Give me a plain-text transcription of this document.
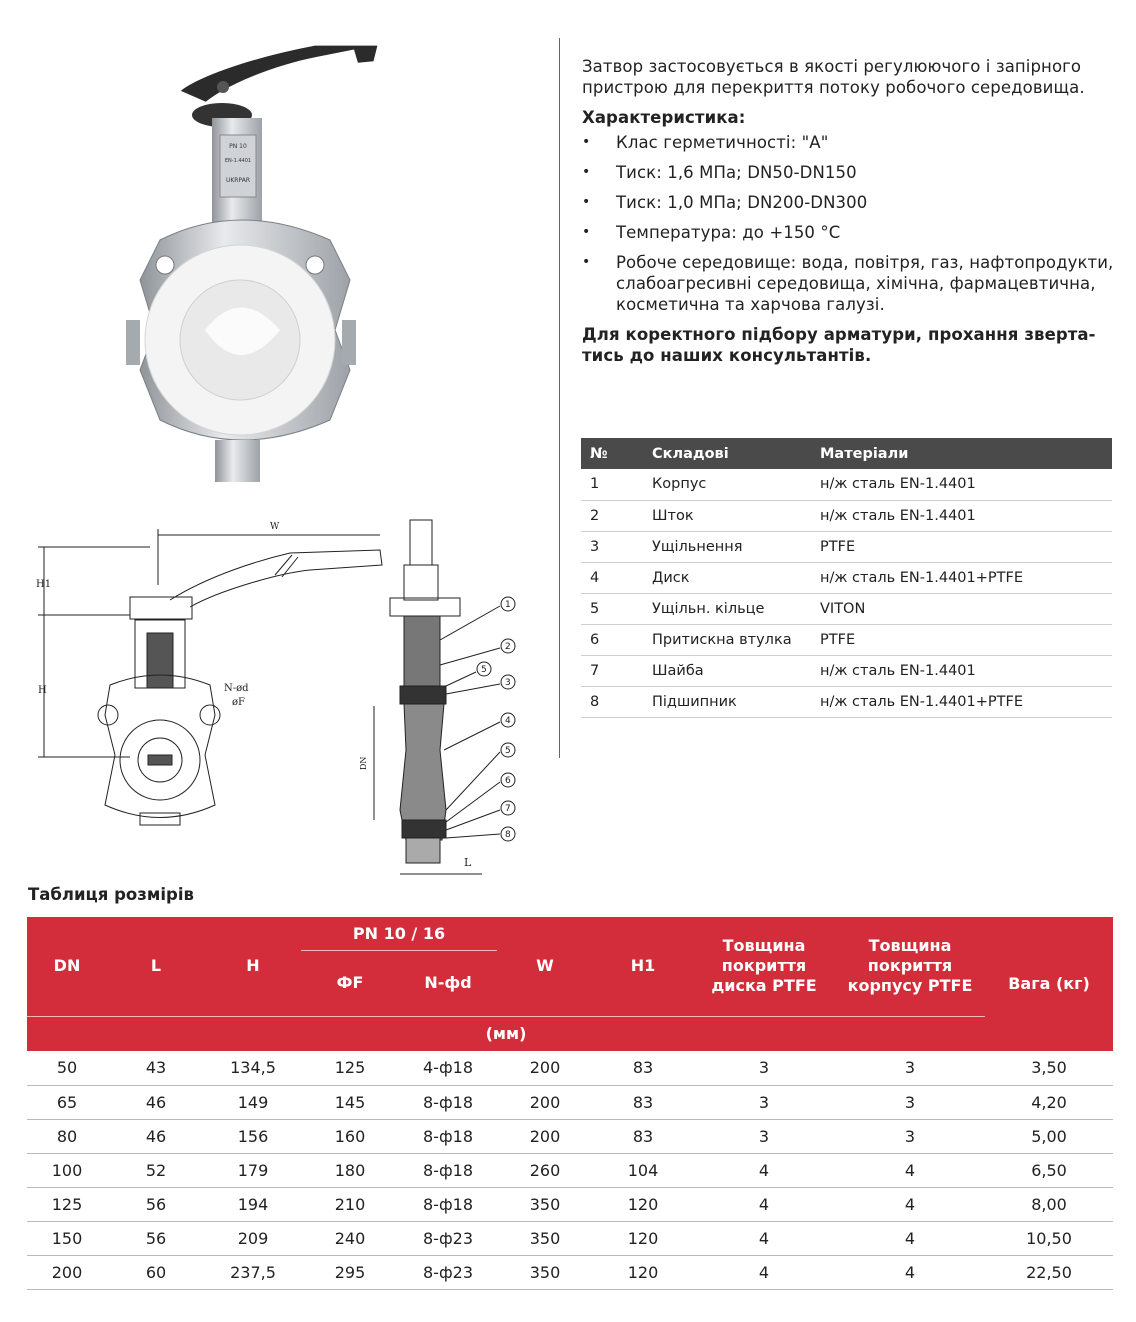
PN 10
EN-1.4401
UKRPAR
W
H1
H	N-ød
øF
DN
L
1
2
5
3
4
5
6
7
8

Затвор застосовується в якості регулюючого і запірного пристрою для перекриття потоку робочого середовища.

Характеристика:

• Клас герметичності: "А"
• Тиск: 1,6 МПа; DN50-DN150
• Тиск: 1,0 МПа; DN200-DN300
• Температура: до +150 °С
• Робоче середовище: вода, повітря, газ, нафтопродукти, слабоагресивні середовища, хімічна, фармацевтична, косметична та харчова галузі.

Для коректного підбору арматури, прохання зверта-тись до наших консультантів.

№	Складові	Матеріали
1	Корпус	н/ж сталь EN-1.4401
2	Шток	н/ж сталь EN-1.4401
3	Ущільнення	PTFE
4	Диск	н/ж сталь EN-1.4401+PTFE
5	Ущільн. кільце	VITON
6	Притискна втулка	PTFE
7	Шайба	н/ж сталь EN-1.4401
8	Підшипник	н/ж сталь EN-1.4401+PTFE
Таблиця розмірів
DN	L	H	PN 10 / 16		W	H1	Товщина покриття диска PTFE	Товщина покриття корпусу PTFE	Вага (кг)
			ФF	N-фd					
(мм)									
50	43	134,5	125	4-ф18	200	83	3	3	3,50
65	46	149	145	8-ф18	200	83	3	3	4,20
80	46	156	160	8-ф18	200	83	3	3	5,00
100	52	179	180	8-ф18	260	104	4	4	6,50
125	56	194	210	8-ф18	350	120	4	4	8,00
150	56	209	240	8-ф23	350	120	4	4	10,50
200	60	237,5	295	8-ф23	350	120	4	4	22,50
